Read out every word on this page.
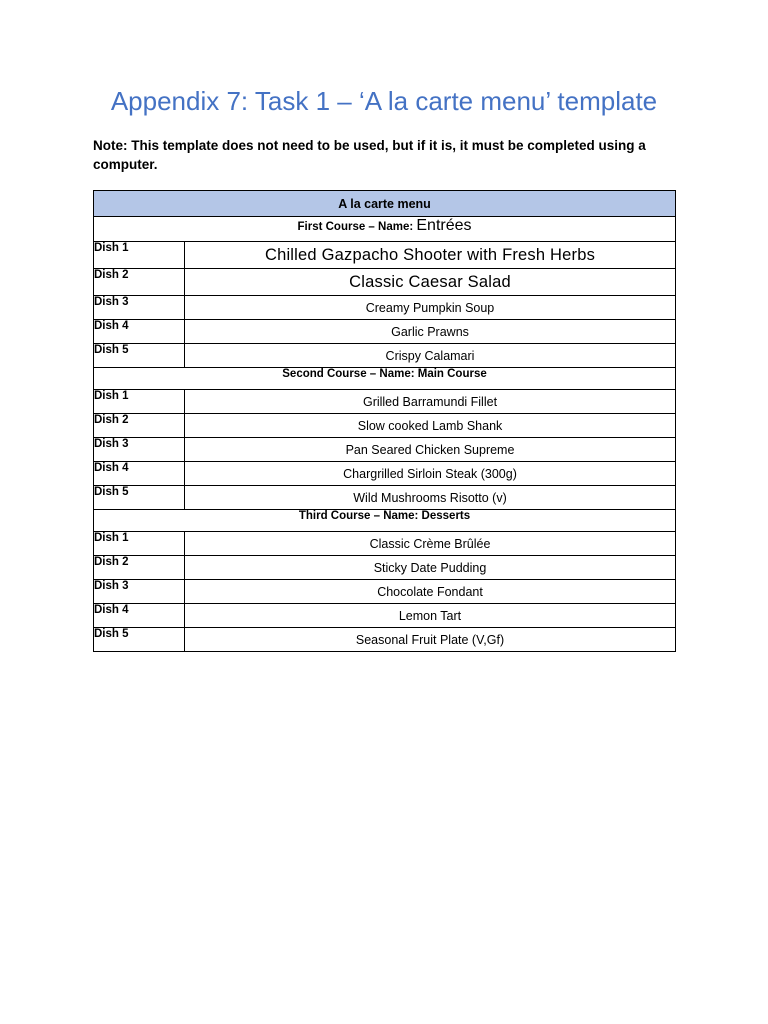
Appendix 7: Task 1 – ‘A la carte menu’ template

Note: This template does not need to be used, but if it is, it must be completed using a computer.

A la carte menu	
First Course – Name: Entrées	
Dish 1	Chilled Gazpacho Shooter with Fresh Herbs
Dish 2	Classic Caesar Salad
Dish 3	Creamy Pumpkin Soup
Dish 4	Garlic Prawns
Dish 5	Crispy Calamari
Second Course – Name: Main Course	
Dish 1	Grilled Barramundi Fillet
Dish 2	Slow cooked Lamb Shank
Dish 3	Pan Seared Chicken Supreme
Dish 4	Chargrilled Sirloin Steak (300g)
Dish 5	Wild Mushrooms Risotto (v)
Third Course – Name: Desserts	
Dish 1	Classic Crème Brûlée
Dish 2	Sticky Date Pudding
Dish 3	Chocolate Fondant
Dish 4	Lemon Tart
Dish 5	Seasonal Fruit Plate (V,Gf)
